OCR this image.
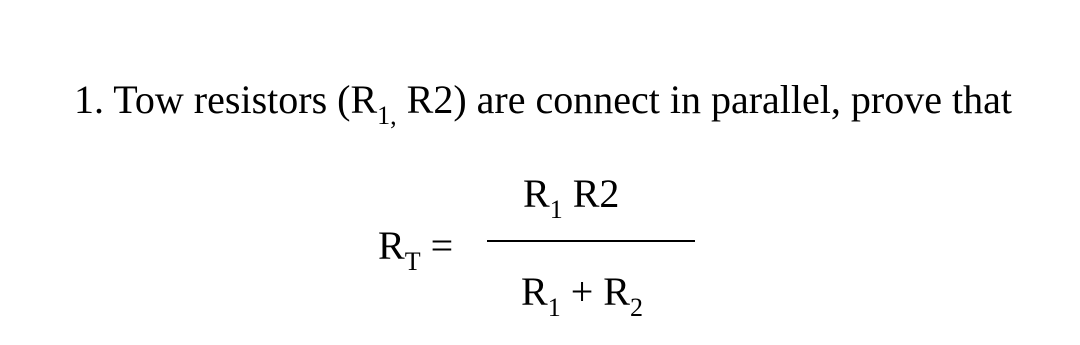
1. Tow resistors ($R_{1,}$ R2) are connect in parallel, prove that
$R_T$ =
$R_1$ R2
$R_1 + R_2$
